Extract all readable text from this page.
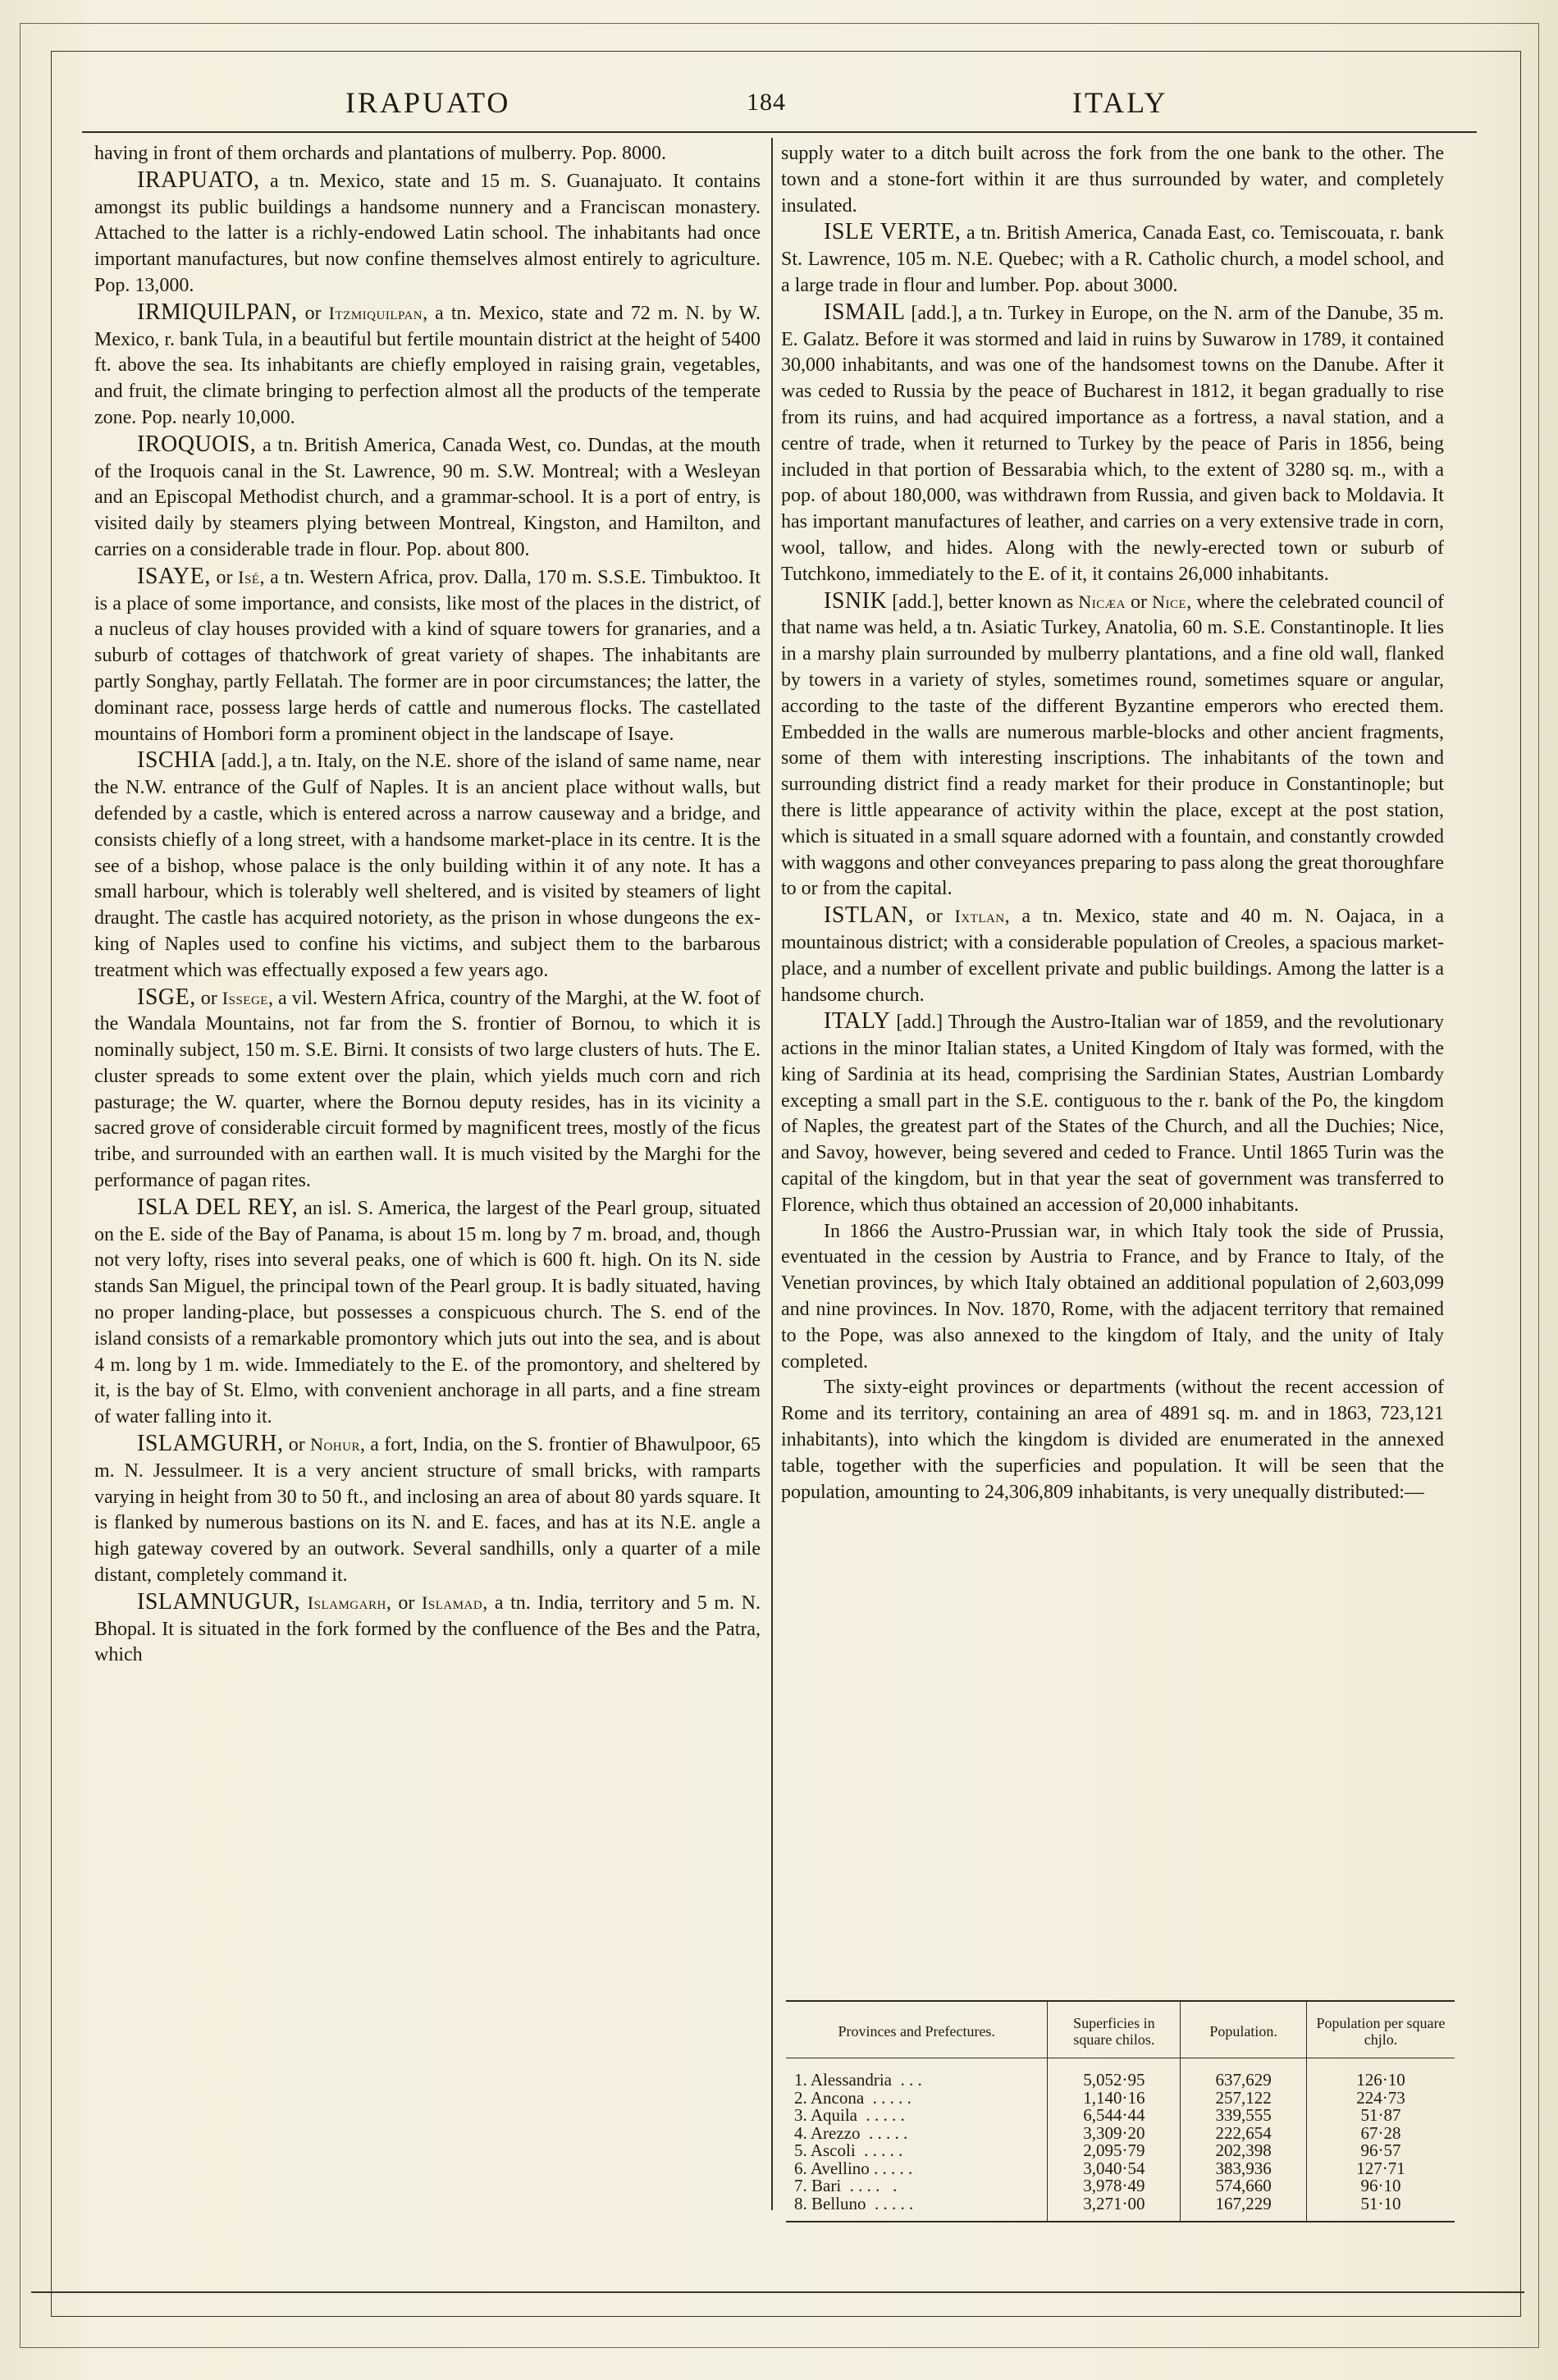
IRAPUATO	184	ITALY

having in front of them orchards and plantations of mulberry. Pop. 8000.

IRAPUATO, a tn. Mexico, state and 15 m. S. Guanajuato. It contains amongst its public buildings a handsome nunnery and a Franciscan monastery. Attached to the latter is a richly-endowed Latin school. The inhabitants had once important manufactures, but now confine themselves almost entirely to agriculture. Pop. 13,000.

IRMIQUILPAN, or Itzmiquilpan, a tn. Mexico, state and 72 m. N. by W. Mexico, r. bank Tula, in a beautiful but fertile mountain district at the height of 5400 ft. above the sea. Its inhabitants are chiefly employed in raising grain, vegetables, and fruit, the climate bringing to perfection almost all the products of the temperate zone. Pop. nearly 10,000.

IROQUOIS, a tn. British America, Canada West, co. Dundas, at the mouth of the Iroquois canal in the St. Lawrence, 90 m. S.W. Montreal; with a Wesleyan and an Episcopal Methodist church, and a grammar-school. It is a port of entry, is visited daily by steamers plying between Montreal, Kingston, and Hamilton, and carries on a considerable trade in flour. Pop. about 800.

ISAYE, or Isé, a tn. Western Africa, prov. Dalla, 170 m. S.S.E. Timbuktoo. It is a place of some importance, and consists, like most of the places in the district, of a nucleus of clay houses provided with a kind of square towers for granaries, and a suburb of cottages of thatchwork of great variety of shapes. The inhabitants are partly Songhay, partly Fellatah. The former are in poor circumstances; the latter, the dominant race, possess large herds of cattle and numerous flocks. The castellated mountains of Hombori form a prominent object in the landscape of Isaye.

ISCHIA [add.], a tn. Italy, on the N.E. shore of the island of same name, near the N.W. entrance of the Gulf of Naples. It is an ancient place without walls, but defended by a castle, which is entered across a narrow causeway and a bridge, and consists chiefly of a long street, with a handsome market-place in its centre. It is the see of a bishop, whose palace is the only building within it of any note. It has a small harbour, which is tolerably well sheltered, and is visited by steamers of light draught. The castle has acquired notoriety, as the prison in whose dungeons the ex-king of Naples used to confine his victims, and subject them to the barbarous treatment which was effectually exposed a few years ago.

ISGE, or Issege, a vil. Western Africa, country of the Marghi, at the W. foot of the Wandala Mountains, not far from the S. frontier of Bornou, to which it is nominally subject, 150 m. S.E. Birni. It consists of two large clusters of huts. The E. cluster spreads to some extent over the plain, which yields much corn and rich pasturage; the W. quarter, where the Bornou deputy resides, has in its vicinity a sacred grove of considerable circuit formed by magnificent trees, mostly of the ficus tribe, and surrounded with an earthen wall. It is much visited by the Marghi for the performance of pagan rites.

ISLA DEL REY, an isl. S. America, the largest of the Pearl group, situated on the E. side of the Bay of Panama, is about 15 m. long by 7 m. broad, and, though not very lofty, rises into several peaks, one of which is 600 ft. high. On its N. side stands San Miguel, the principal town of the Pearl group. It is badly situated, having no proper landing-place, but possesses a conspicuous church. The S. end of the island consists of a remarkable promontory which juts out into the sea, and is about 4 m. long by 1 m. wide. Immediately to the E. of the promontory, and sheltered by it, is the bay of St. Elmo, with convenient anchorage in all parts, and a fine stream of water falling into it.

ISLAMGURH, or Nohur, a fort, India, on the S. frontier of Bhawulpoor, 65 m. N. Jessulmeer. It is a very ancient structure of small bricks, with ramparts varying in height from 30 to 50 ft., and inclosing an area of about 80 yards square. It is flanked by numerous bastions on its N. and E. faces, and has at its N.E. angle a high gateway covered by an outwork. Several sandhills, only a quarter of a mile distant, completely command it.

ISLAMNUGUR, Islamgarh, or Islamad, a tn. India, territory and 5 m. N. Bhopal. It is situated in the fork formed by the confluence of the Bes and the Patra, which

supply water to a ditch built across the fork from the one bank to the other. The town and a stone-fort within it are thus surrounded by water, and completely insulated.

ISLE VERTE, a tn. British America, Canada East, co. Temiscouata, r. bank St. Lawrence, 105 m. N.E. Quebec; with a R. Catholic church, a model school, and a large trade in flour and lumber. Pop. about 3000.

ISMAIL [add.], a tn. Turkey in Europe, on the N. arm of the Danube, 35 m. E. Galatz. Before it was stormed and laid in ruins by Suwarow in 1789, it contained 30,000 inhabitants, and was one of the handsomest towns on the Danube. After it was ceded to Russia by the peace of Bucharest in 1812, it began gradually to rise from its ruins, and had acquired importance as a fortress, a naval station, and a centre of trade, when it returned to Turkey by the peace of Paris in 1856, being included in that portion of Bessarabia which, to the extent of 3280 sq. m., with a pop. of about 180,000, was withdrawn from Russia, and given back to Moldavia. It has important manufactures of leather, and carries on a very extensive trade in corn, wool, tallow, and hides. Along with the newly-erected town or suburb of Tutchkono, immediately to the E. of it, it contains 26,000 inhabitants.

ISNIK [add.], better known as Nicæa or Nice, where the celebrated council of that name was held, a tn. Asiatic Turkey, Anatolia, 60 m. S.E. Constantinople. It lies in a marshy plain surrounded by mulberry plantations, and a fine old wall, flanked by towers in a variety of styles, sometimes round, sometimes square or angular, according to the taste of the different Byzantine emperors who erected them. Embedded in the walls are numerous marble-blocks and other ancient fragments, some of them with interesting inscriptions. The inhabitants of the town and surrounding district find a ready market for their produce in Constantinople; but there is little appearance of activity within the place, except at the post station, which is situated in a small square adorned with a fountain, and constantly crowded with waggons and other conveyances preparing to pass along the great thoroughfare to or from the capital.

ISTLAN, or Ixtlan, a tn. Mexico, state and 40 m. N. Oajaca, in a mountainous district; with a considerable population of Creoles, a spacious market-place, and a number of excellent private and public buildings. Among the latter is a handsome church.

ITALY [add.] Through the Austro-Italian war of 1859, and the revolutionary actions in the minor Italian states, a United Kingdom of Italy was formed, with the king of Sardinia at its head, comprising the Sardinian States, Austrian Lombardy excepting a small part in the S.E. contiguous to the r. bank of the Po, the kingdom of Naples, the greatest part of the States of the Church, and all the Duchies; Nice, and Savoy, however, being severed and ceded to France. Until 1865 Turin was the capital of the kingdom, but in that year the seat of government was transferred to Florence, which thus obtained an accession of 20,000 inhabitants.

In 1866 the Austro-Prussian war, in which Italy took the side of Prussia, eventuated in the cession by Austria to France, and by France to Italy, of the Venetian provinces, by which Italy obtained an additional population of 2,603,099 and nine provinces. In Nov. 1870, Rome, with the adjacent territory that remained to the Pope, was also annexed to the kingdom of Italy, and the unity of Italy completed.

The sixty-eight provinces or departments (without the recent accession of Rome and its territory, containing an area of 4891 sq. m. and in 1863, 723,121 inhabitants), into which the kingdom is divided are enumerated in the annexed table, together with the superficies and population. It will be seen that the population, amounting to 24,306,809 inhabitants, is very unequally distributed:—

Provinces and Prefectures.	Superficies in square chilos.	Population.	Population per square chjlo.
1. Alessandria  . . .	5,052·95	637,629	126·10
2. Ancona  . . . . .	1,140·16	257,122	224·73
3. Aquila  . . . . .	6,544·44	339,555	51·87
4. Arezzo  . . . . .	3,309·20	222,654	67·28
5. Ascoli  . . . . .	2,095·79	202,398	96·57
6. Avellino . . . . .	3,040·54	383,936	127·71
7. Bari  . . . .   .	3,978·49	574,660	96·10
8. Belluno  . . . . .	3,271·00	167,229	51·10
